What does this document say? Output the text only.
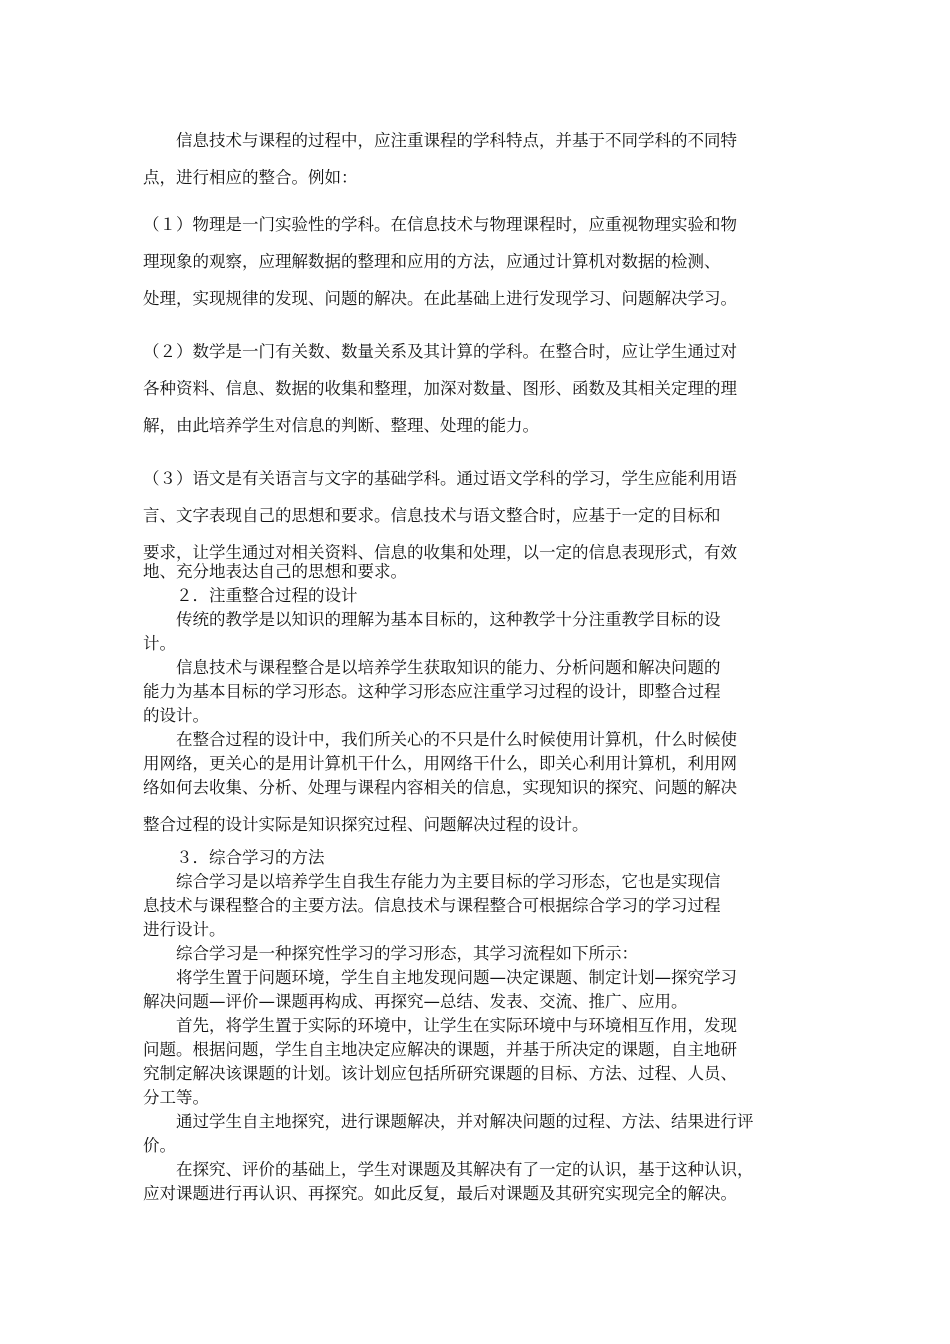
　　信息技术与课程的过程中，应注重课程的学科特点，并基于不同学科的不同特
点，进行相应的整合。例如：
（１）物理是一门实验性的学科。在信息技术与物理课程时，应重视物理实验和物
理现象的观察，应理解数据的整理和应用的方法，应通过计算机对数据的检测、
处理，实现规律的发现、问题的解决。在此基础上进行发现学习、问题解决学习。
（２）数学是一门有关数、数量关系及其计算的学科。在整合时，应让学生通过对
各种资料、信息、数据的收集和整理，加深对数量、图形、函数及其相关定理的理
解，由此培养学生对信息的判断、整理、处理的能力。
（３）语文是有关语言与文字的基础学科。通过语文学科的学习，学生应能利用语
言、文字表现自己的思想和要求。信息技术与语文整合时，应基于一定的目标和
要求，让学生通过对相关资料、信息的收集和处理，以一定的信息表现形式，有效
地、充分地表达自己的思想和要求。
　　２．注重整合过程的设计
　　传统的教学是以知识的理解为基本目标的，这种教学十分注重教学目标的设
计。
　　信息技术与课程整合是以培养学生获取知识的能力、分析问题和解决问题的
能力为基本目标的学习形态。这种学习形态应注重学习过程的设计，即整合过程
的设计。
　　在整合过程的设计中，我们所关心的不只是什么时候使用计算机，什么时候使
用网络，更关心的是用计算机干什么，用网络干什么，即关心利用计算机，利用网
络如何去收集、分析、处理与课程内容相关的信息，实现知识的探究、问题的解决
整合过程的设计实际是知识探究过程、问题解决过程的设计。
　　３．综合学习的方法
　　综合学习是以培养学生自我生存能力为主要目标的学习形态，它也是实现信
息技术与课程整合的主要方法。信息技术与课程整合可根据综合学习的学习过程
进行设计。
　　综合学习是一种探究性学习的学习形态，其学习流程如下所示：
　　将学生置于问题环境，学生自主地发现问题—决定课题、制定计划—探究学习
解决问题—评价—课题再构成、再探究—总结、发表、交流、推广、应用。
　　首先，将学生置于实际的环境中，让学生在实际环境中与环境相互作用，发现
问题。根据问题，学生自主地决定应解决的课题，并基于所决定的课题，自主地研
究制定解决该课题的计划。该计划应包括所研究课题的目标、方法、过程、人员、
分工等。
　　通过学生自主地探究，进行课题解决，并对解决问题的过程、方法、结果进行评
价。
　　在探究、评价的基础上，学生对课题及其解决有了一定的认识，基于这种认识，
应对课题进行再认识、再探究。如此反复，最后对课题及其研究实现完全的解决。
